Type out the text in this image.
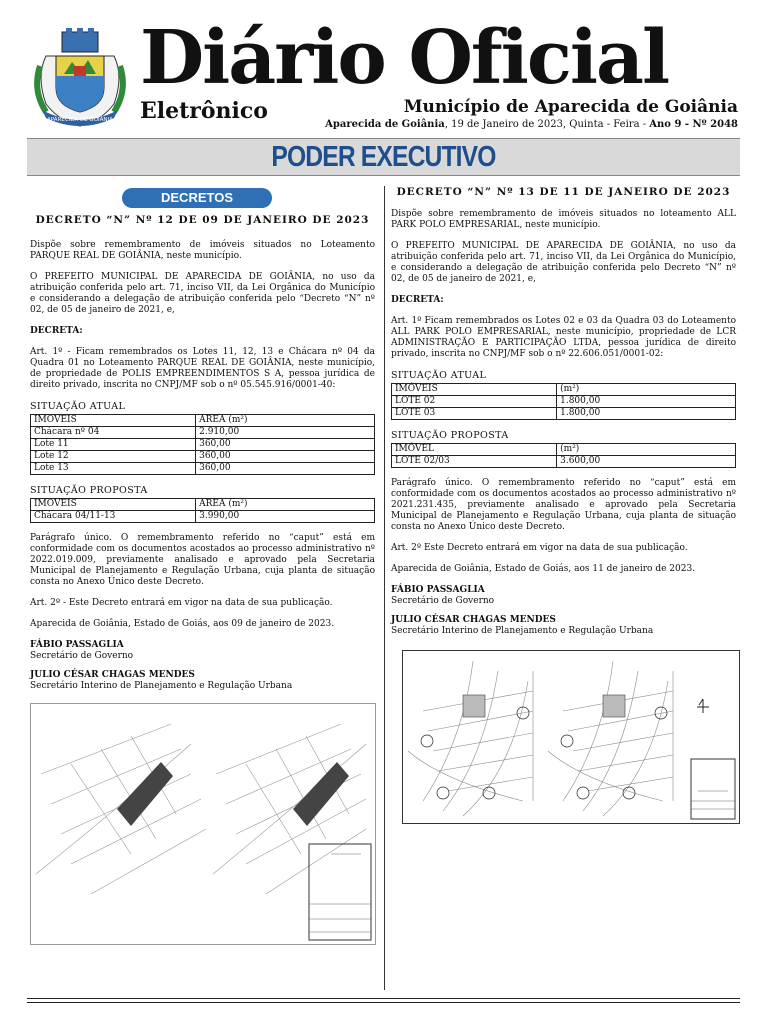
APARECIDA DE GOIÂNIA
Diário Oficial
Eletrônico	Município de Aparecida de Goiânia
Aparecida de Goiânia, 19 de Janeiro de 2023, Quinta - Feira - Ano 9 - Nº 2048
PODER EXECUTIVO
DECRETOS
DECRETO “N” Nº 12 DE 09 DE JANEIRO DE 2023

Dispõe sobre remembramento de imóveis situados no Loteamento PARQUE REAL DE GOIÂNIA, neste município.

O PREFEITO MUNICIPAL DE APARECIDA DE GOIÂNIA, no uso da atribuição conferida pelo art. 71, inciso VII, da Lei Orgânica do Município e considerando a delegação de atribuição conferida pelo “Decreto “N” nº 02, de 05 de janeiro de 2021, e,

DECRETA:

Art. 1º - Ficam remembrados os Lotes 11, 12, 13 e Chácara nº 04 da Quadra 01 no Loteamento PARQUE REAL DE GOIÂNIA, neste município, de propriedade de POLIS EMPREENDIMENTOS S A, pessoa jurídica de direito privado, inscrita no CNPJ/MF sob o nº 05.545.916/0001-40:

SITUAÇÃO ATUAL
IMOVEIS	AREA (m²)
Chácara nº 04	2.910,00
Lote 11	360,00
Lote 12	360,00
Lote 13	360,00
SITUAÇÃO PROPOSTA
IMOVEIS	AREA (m²)
Chácara 04/11-13	3.990,00

Parágrafo único. O remembramento referido no “caput” está em conformidade com os documentos acostados ao processo administrativo nº 2022.019.009, previamente analisado e aprovado pela Secretaria Municipal de Planejamento e Regulação Urbana, cuja planta de situação consta no Anexo Único deste Decreto.

Art. 2º - Este Decreto entrará em vigor na data de sua publicação.

Aparecida de Goiânia, Estado de Goiás, aos 09 de janeiro de 2023.

FÁBIO PASSAGLIA
Secretário de Governo
JULIO CÉSAR CHAGAS MENDES
Secretário Interino de Planejamento e Regulação Urbana
DECRETO “N” Nº 13 DE 11 DE JANEIRO DE 2023

Dispõe sobre remembramento de imóveis situados no loteamento ALL PARK POLO EMPRESARIAL, neste município.

O PREFEITO MUNICIPAL DE APARECIDA DE GOIÂNIA, no uso da atribuição conferida pelo art. 71, inciso VII, da Lei Orgânica do Município, e considerando a delegação de atribuição conferida pelo Decreto “N” nº 02, de 05 de janeiro de 2021, e,

DECRETA:

Art. 1º Ficam remembrados os Lotes 02 e 03 da Quadra 03 do Loteamento ALL PARK POLO EMPRESARIAL, neste município, propriedade de LCR ADMINISTRAÇÃO E PARTICIPAÇÃO LTDA, pessoa jurídica de direito privado, inscrita no CNPJ/MF sob o nº 22.606.051/0001-02:

SITUAÇÃO ATUAL
IMÓVEIS	(m²)
LOTE 02	1.800,00
LOTE 03	1.800,00
SITUAÇÃO PROPOSTA
IMÓVEL	(m²)
LOTE 02/03	3.600,00

Parágrafo único. O remembramento referido no “caput” está em conformidade com os documentos acostados ao processo administrativo nº 2021.231.435, previamente analisado e aprovado pela Secretaria Municipal de Planejamento e Regulação Urbana, cuja planta de situação consta no Anexo Único deste Decreto.

Art. 2º Este Decreto entrará em vigor na data de sua publicação.

Aparecida de Goiânia, Estado de Goiás, aos 11 de janeiro de 2023.

FÁBIO PASSAGLIA
Secretário de Governo
JULIO CÉSAR CHAGAS MENDES
Secretário Interino de Planejamento e Regulação Urbana
